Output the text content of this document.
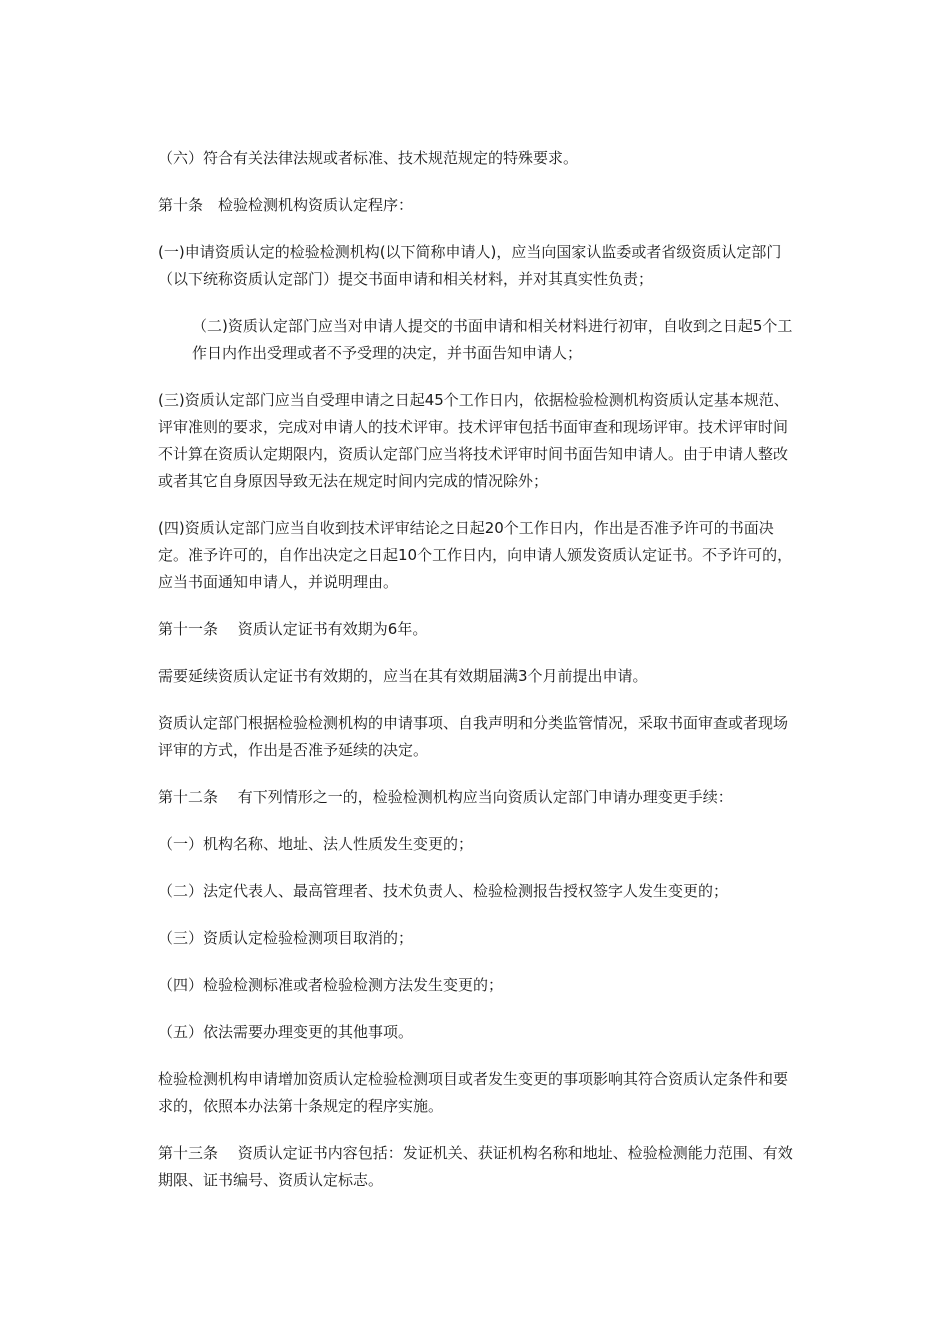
（六）符合有关法律法规或者标准、技术规范规定的特殊要求。

第十条　检验检测机构资质认定程序：

(一)申请资质认定的检验检测机构(以下简称申请人)，应当向国家认监委或者省级资质认定部门（以下统称资质认定部门）提交书面申请和相关材料，并对其真实性负责；

（二)资质认定部门应当对申请人提交的书面申请和相关材料进行初审，自收到之日起5个工作日内作出受理或者不予受理的决定，并书面告知申请人；

(三)资质认定部门应当自受理申请之日起45个工作日内，依据检验检测机构资质认定基本规范、评审准则的要求，完成对申请人的技术评审。技术评审包括书面审查和现场评审。技术评审时间不计算在资质认定期限内，资质认定部门应当将技术评审时间书面告知申请人。由于申请人整改或者其它自身原因导致无法在规定时间内完成的情况除外；

(四)资质认定部门应当自收到技术评审结论之日起20个工作日内，作出是否准予许可的书面决定。准予许可的，自作出决定之日起10个工作日内，向申请人颁发资质认定证书。不予许可的，应当书面通知申请人，并说明理由。

第十一条　 资质认定证书有效期为6年。

需要延续资质认定证书有效期的，应当在其有效期届满3个月前提出申请。

资质认定部门根据检验检测机构的申请事项、自我声明和分类监管情况，采取书面审查或者现场评审的方式，作出是否准予延续的决定。

第十二条　 有下列情形之一的，检验检测机构应当向资质认定部门申请办理变更手续：

（一）机构名称、地址、法人性质发生变更的；

（二）法定代表人、最高管理者、技术负责人、检验检测报告授权签字人发生变更的；

（三）资质认定检验检测项目取消的；

（四）检验检测标准或者检验检测方法发生变更的；

（五）依法需要办理变更的其他事项。

检验检测机构申请增加资质认定检验检测项目或者发生变更的事项影响其符合资质认定条件和要求的，依照本办法第十条规定的程序实施。

第十三条　 资质认定证书内容包括：发证机关、获证机构名称和地址、检验检测能力范围、有效期限、证书编号、资质认定标志。
